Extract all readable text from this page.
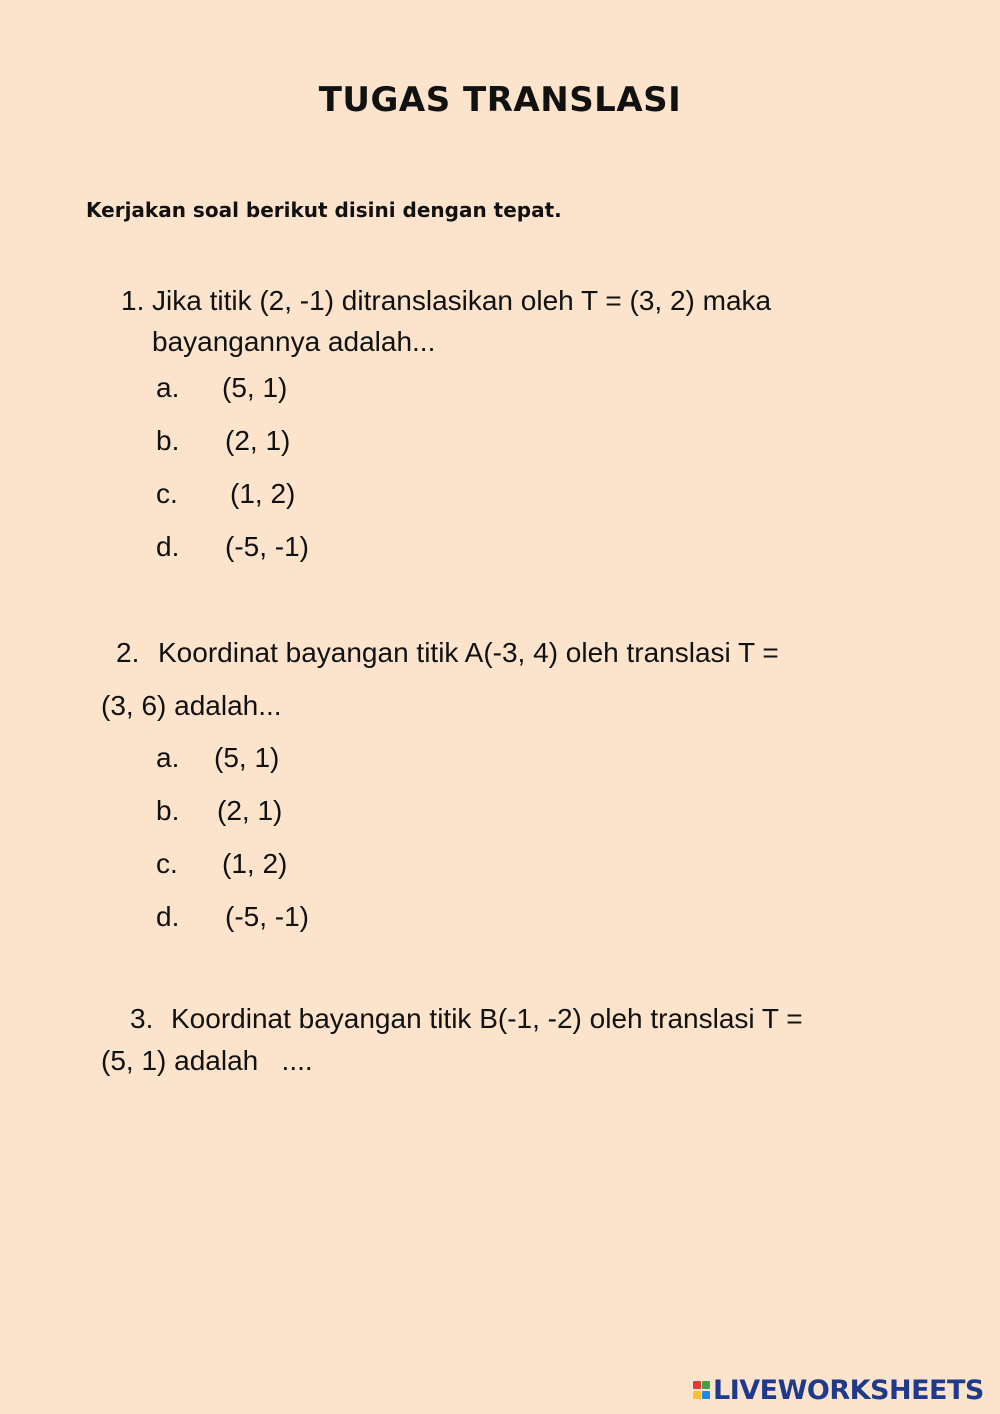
TUGAS TRANSLASI
Kerjakan soal berikut disini dengan tepat.
1. Jika titik (2, -1) ditranslasikan oleh T = (3, 2) maka
bayangannya adalah...
a. (5, 1)
b. (2, 1)
c. (1, 2)
d. (-5, -1)
2. Koordinat bayangan titik A(-3, 4) oleh translasi T =
(3, 6) adalah...
a. (5, 1)
b. (2, 1)
c. (1, 2)
d. (-5, -1)
3. Koordinat bayangan titik B(-1, -2) oleh translasi T =
(5, 1) adalah   ....
LIVEWORKSHEETS
